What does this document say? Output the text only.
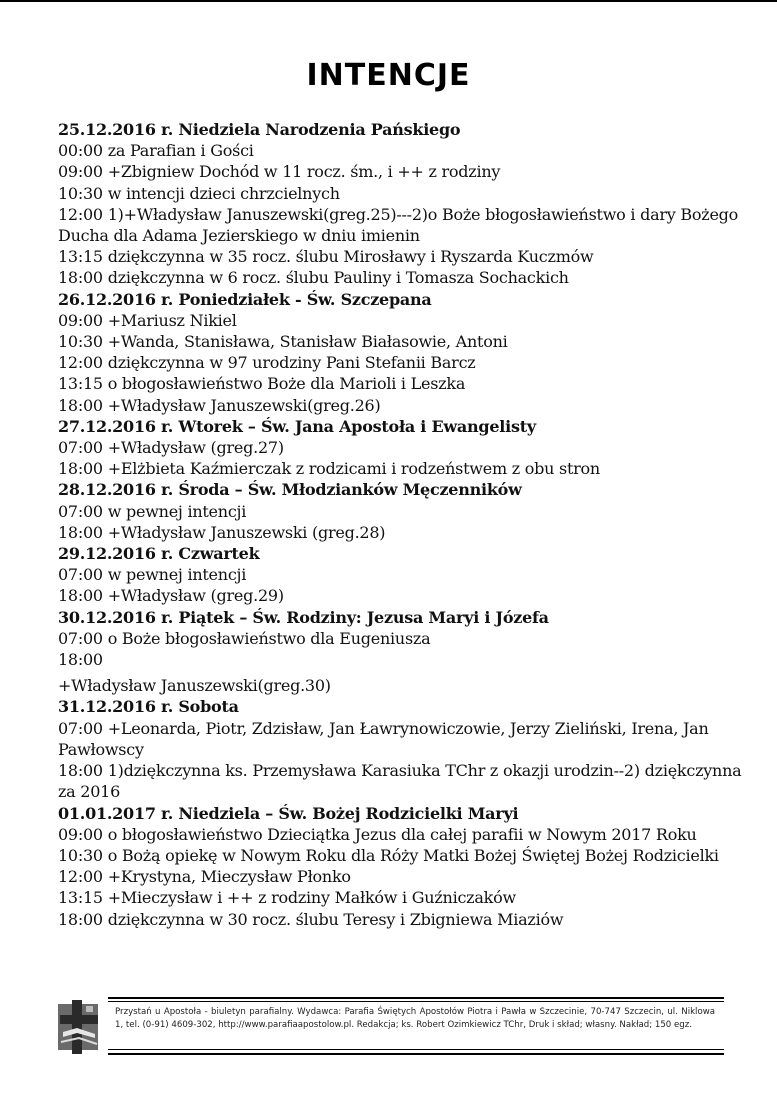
INTENCJE

25.12.2016 r. Niedziela Narodzenia Pańskiego

00:00 za Parafian i Gości

09:00 +Zbigniew Dochód w 11 rocz. śm., i ++ z rodziny

10:30 w intencji dzieci chrzcielnych

12:00 1)+Władysław Januszewski(greg.25)---2)o Boże błogosławieństwo i dary Bożego Ducha dla Adama Jezierskiego w dniu imienin

13:15 dziękczynna w 35 rocz. ślubu Mirosławy i Ryszarda Kuczmów

18:00 dziękczynna w 6 rocz. ślubu Pauliny i Tomasza Sochackich

26.12.2016 r. Poniedziałek - Św. Szczepana

09:00 +Mariusz Nikiel

10:30 +Wanda, Stanisława, Stanisław Białasowie, Antoni

12:00 dziękczynna w 97 urodziny Pani Stefanii Barcz

13:15 o błogosławieństwo Boże dla Marioli i Leszka

18:00 +Władysław Januszewski(greg.26)

27.12.2016 r. Wtorek – Św. Jana Apostoła i Ewangelisty

07:00 +Władysław (greg.27)

18:00 +Elżbieta Kaźmierczak z rodzicami i rodzeństwem z obu stron

28.12.2016 r. Środa – Św. Młodzianków Męczenników

07:00 w pewnej intencji

18:00 +Władysław Januszewski (greg.28)

29.12.2016 r. Czwartek

07:00 w pewnej intencji

18:00 +Władysław (greg.29)

30.12.2016 r. Piątek – Św. Rodziny: Jezusa Maryi i Józefa

07:00 o Boże błogosławieństwo dla Eugeniusza

18:00

+Władysław Januszewski(greg.30)

31.12.2016 r. Sobota

07:00 +Leonarda, Piotr, Zdzisław, Jan Ławrynowiczowie, Jerzy Zieliński, Irena, Jan Pawłowscy

18:00 1)dziękczynna ks. Przemysława Karasiuka TChr z okazji urodzin--2) dziękczynna za 2016

01.01.2017 r. Niedziela – Św. Bożej Rodzicielki Maryi

09:00 o błogosławieństwo Dzieciątka Jezus dla całej parafii w Nowym 2017 Roku

10:30 o Bożą opiekę w Nowym Roku dla Róży Matki Bożej Świętej Bożej Rodzicielki

12:00 +Krystyna, Mieczysław Płonko

13:15 +Mieczysław i ++ z rodziny Małków i Guźniczaków

18:00 dziękczynna w 30 rocz. ślubu Teresy i Zbigniewa Miaziów

Przystań u Apostoła - biuletyn parafialny. Wydawca: Parafia Świętych Apostołów Piotra i Pawła w Szczecinie, 70-747 Szczecin, ul. Niklowa 1, tel. (0-91) 4609-302, http://www.parafiaapostolow.pl. Redakcja; ks. Robert Ozimkiewicz TChr, Druk i skład; własny. Nakład; 150 egz.
